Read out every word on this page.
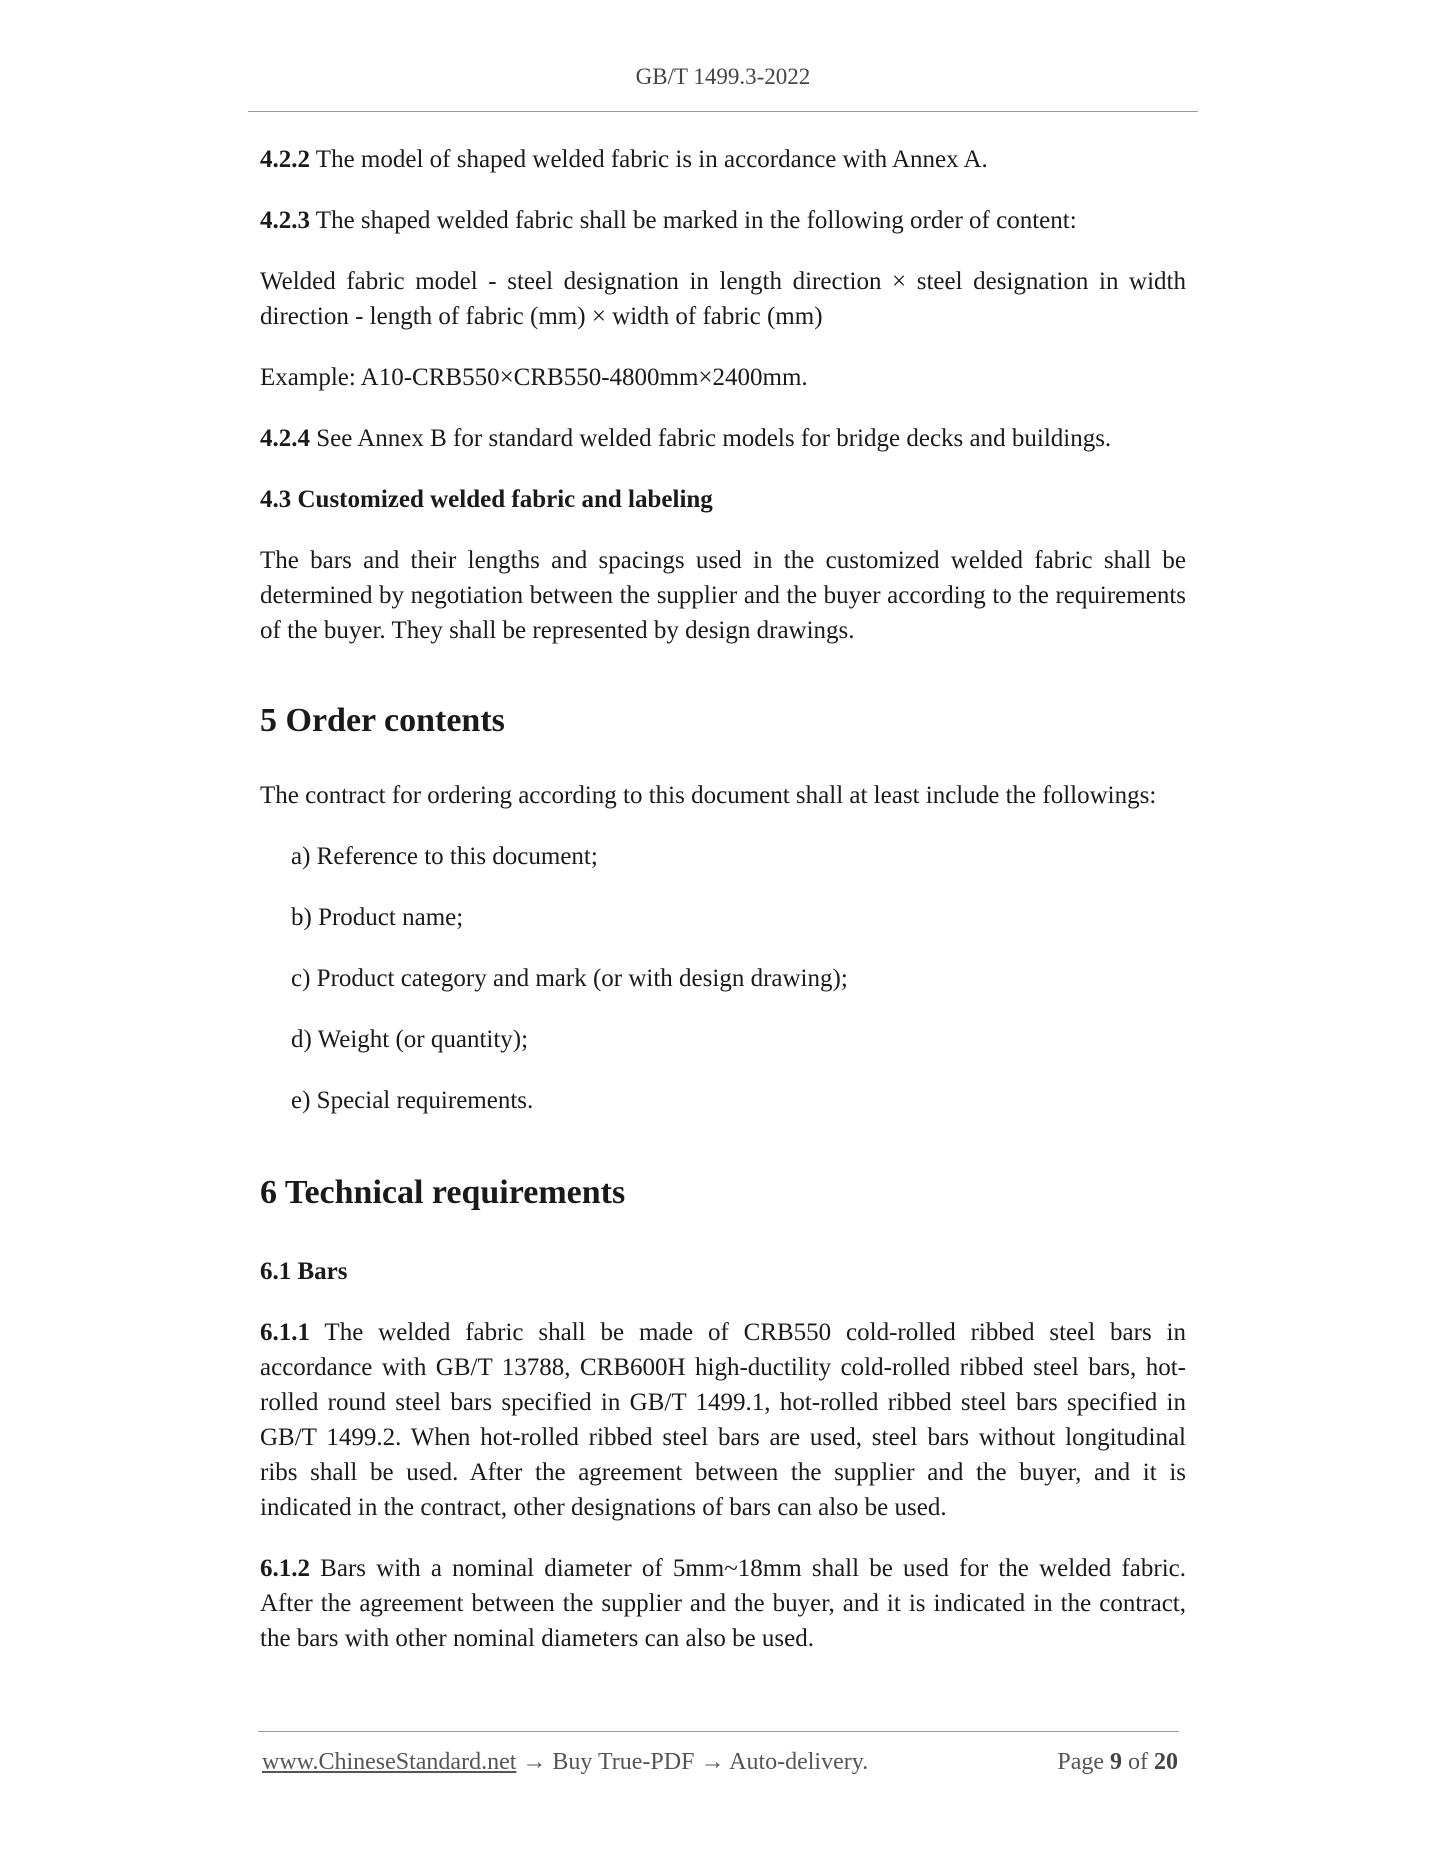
GB/T 1499.3-2022

4.2.2 The model of shaped welded fabric is in accordance with Annex A.

4.2.3 The shaped welded fabric shall be marked in the following order of content:

Welded fabric model - steel designation in length direction × steel designation in width direction - length of fabric (mm) × width of fabric (mm)

Example: A10-CRB550×CRB550-4800mm×2400mm.

4.2.4 See Annex B for standard welded fabric models for bridge decks and buildings.

4.3 Customized welded fabric and labeling

The bars and their lengths and spacings used in the customized welded fabric shall be determined by negotiation between the supplier and the buyer according to the requirements of the buyer. They shall be represented by design drawings.

5 Order contents

The contract for ordering according to this document shall at least include the followings:

a) Reference to this document;

b) Product name;

c) Product category and mark (or with design drawing);

d) Weight (or quantity);

e) Special requirements.

6 Technical requirements

6.1 Bars

6.1.1 The welded fabric shall be made of CRB550 cold-rolled ribbed steel bars in accordance with GB/T 13788, CRB600H high-ductility cold-rolled ribbed steel bars, hot-rolled round steel bars specified in GB/T 1499.1, hot-rolled ribbed steel bars specified in GB/T 1499.2. When hot-rolled ribbed steel bars are used, steel bars without longitudinal ribs shall be used. After the agreement between the supplier and the buyer, and it is indicated in the contract, other designations of bars can also be used.

6.1.2 Bars with a nominal diameter of 5mm~18mm shall be used for the welded fabric. After the agreement between the supplier and the buyer, and it is indicated in the contract, the bars with other nominal diameters can also be used.

www.ChineseStandard.net → Buy True-PDF → Auto-delivery.	Page 9 of 20
